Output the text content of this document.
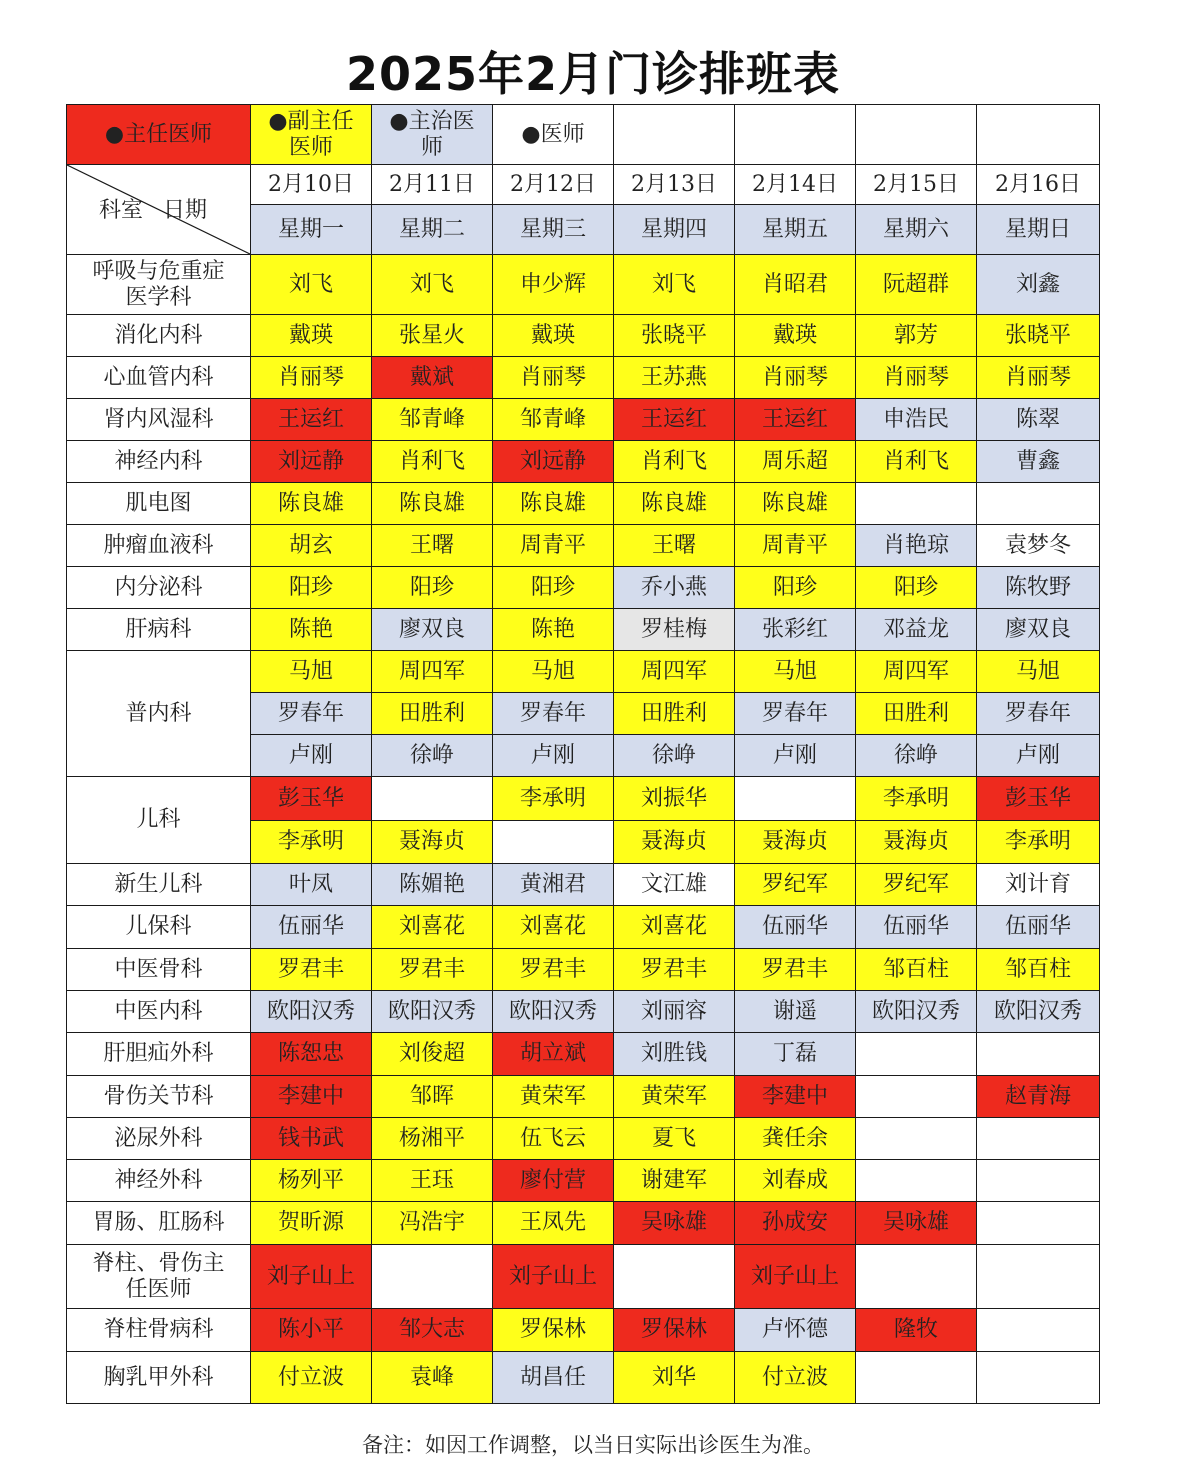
2025年2月门诊排班表
●主任医师	●副主任医师	●主治医师	●医师				

科室 日期	2月10日	2月11日	2月12日	2月13日	2月14日	2月15日	2月16日
	星期一	星期二	星期三	星期四	星期五	星期六	星期日
呼吸与危重症医学科	刘飞	刘飞	申少辉	刘飞	肖昭君	阮超群	刘鑫
消化内科	戴瑛	张星火	戴瑛	张晓平	戴瑛	郭芳	张晓平
心血管内科	肖丽琴	戴斌	肖丽琴	王苏燕	肖丽琴	肖丽琴	肖丽琴
肾内风湿科	王运红	邹青峰	邹青峰	王运红	王运红	申浩民	陈翠
神经内科	刘远静	肖利飞	刘远静	肖利飞	周乐超	肖利飞	曹鑫
肌电图	陈良雄	陈良雄	陈良雄	陈良雄	陈良雄		
肿瘤血液科	胡玄	王曙	周青平	王曙	周青平	肖艳琼	袁梦冬
内分泌科	阳珍	阳珍	阳珍	乔小燕	阳珍	阳珍	陈牧野
肝病科	陈艳	廖双良	陈艳	罗桂梅	张彩红	邓益龙	廖双良
普内科	马旭	周四军	马旭	周四军	马旭	周四军	马旭
	罗春年	田胜利	罗春年	田胜利	罗春年	田胜利	罗春年
	卢刚	徐峥	卢刚	徐峥	卢刚	徐峥	卢刚
儿科	彭玉华		李承明	刘振华		李承明	彭玉华
	李承明	聂海贞		聂海贞	聂海贞	聂海贞	李承明
新生儿科	叶凤	陈媚艳	黄湘君	文江雄	罗纪军	罗纪军	刘计育
儿保科	伍丽华	刘喜花	刘喜花	刘喜花	伍丽华	伍丽华	伍丽华
中医骨科	罗君丰	罗君丰	罗君丰	罗君丰	罗君丰	邹百柱	邹百柱
中医内科	欧阳汉秀	欧阳汉秀	欧阳汉秀	刘丽容	谢遥	欧阳汉秀	欧阳汉秀
肝胆疝外科	陈恕忠	刘俊超	胡立斌	刘胜钱	丁磊		
骨伤关节科	李建中	邹晖	黄荣军	黄荣军	李建中		赵青海
泌尿外科	钱书武	杨湘平	伍飞云	夏飞	龚任余		
神经外科	杨列平	王珏	廖付营	谢建军	刘春成		
胃肠、肛肠科	贺昕源	冯浩宇	王凤先	吴咏雄	孙成安	吴咏雄	
脊柱、骨伤主任医师	刘子山上		刘子山上		刘子山上		
脊柱骨病科	陈小平	邹大志	罗保林	罗保林	卢怀德	隆牧	
胸乳甲外科	付立波	袁峰	胡昌任	刘华	付立波		
备注：如因工作调整，以当日实际出诊医生为准。
